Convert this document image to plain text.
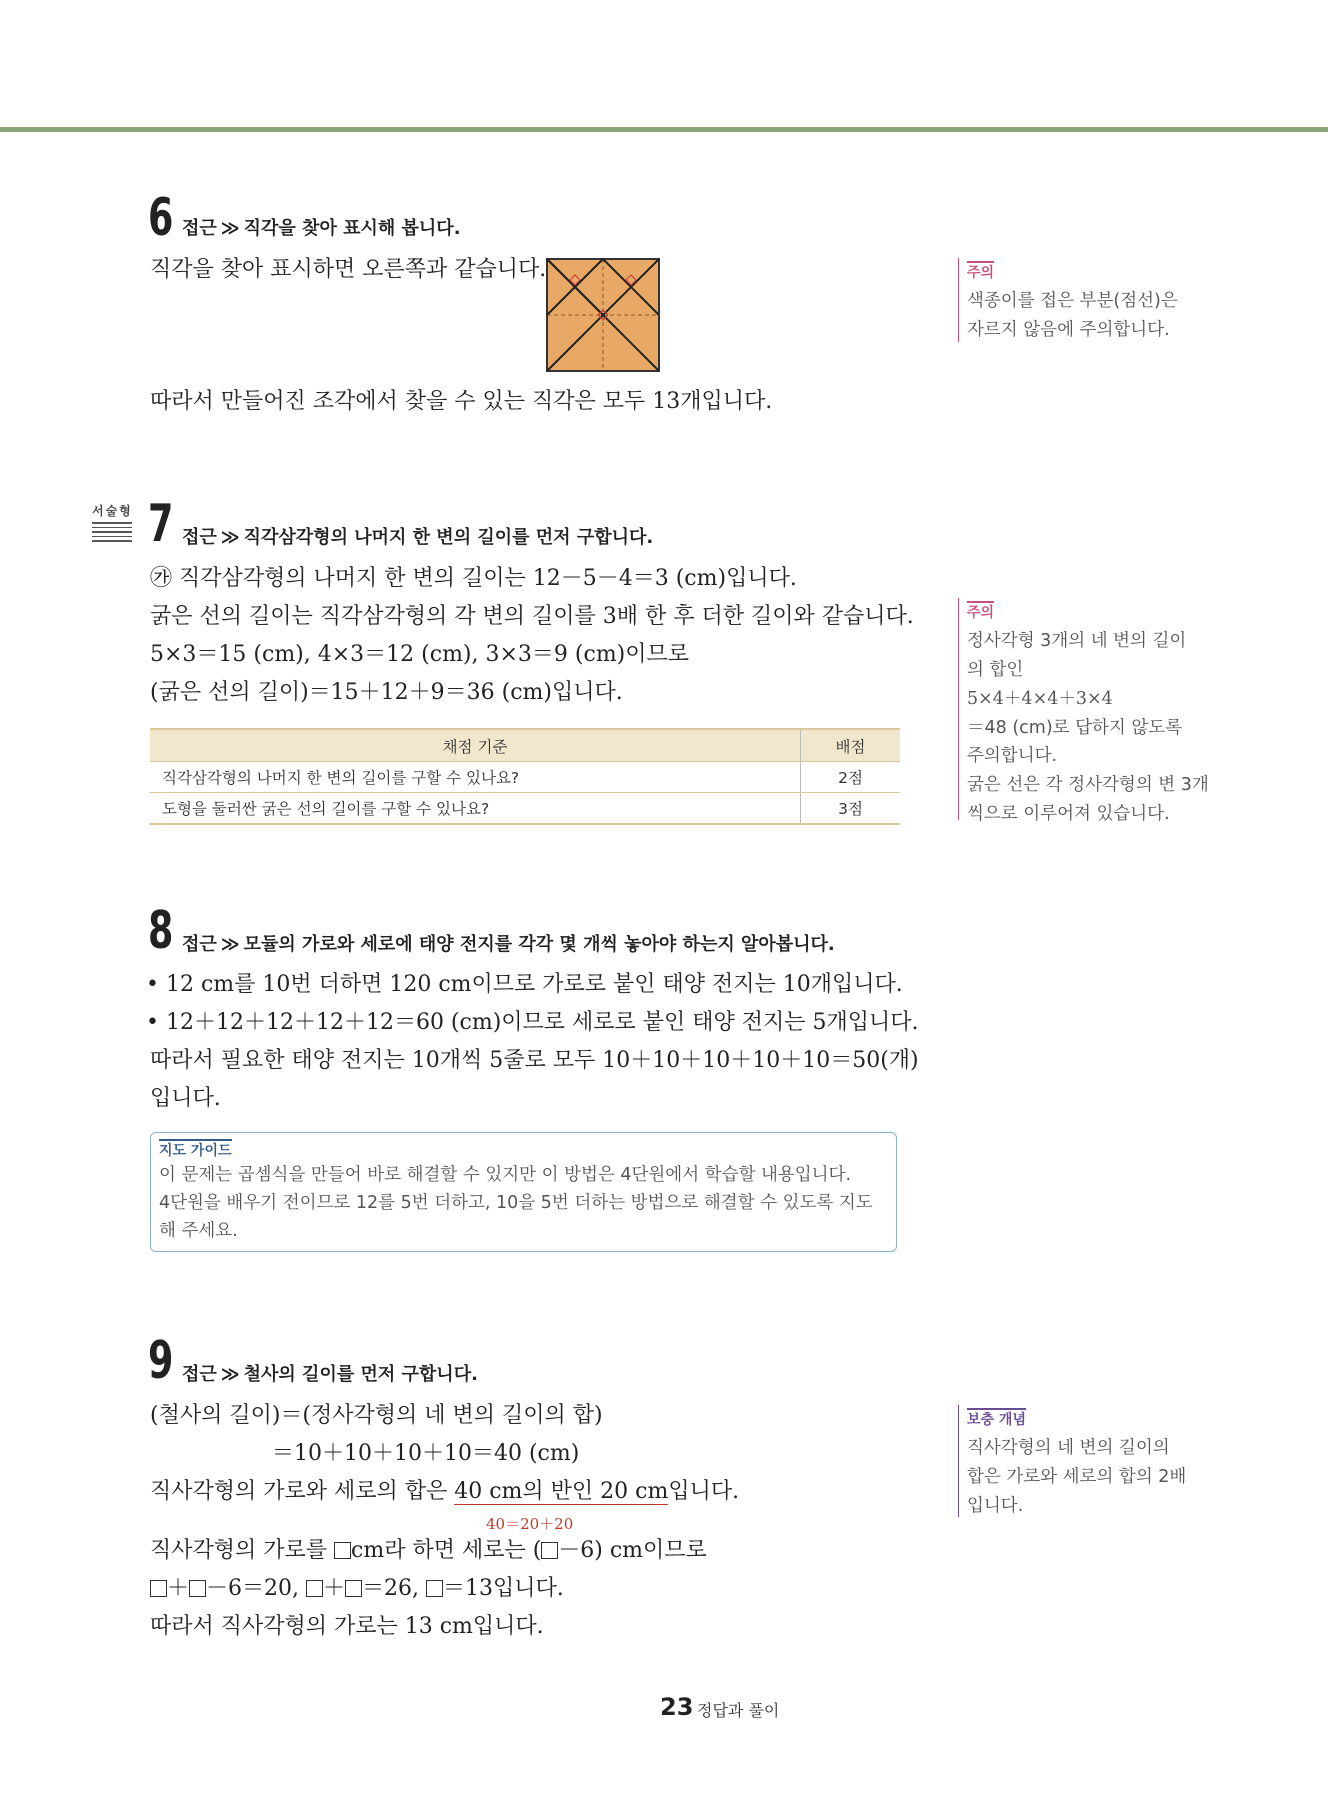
6 접근 ≫ 직각을 찾아 표시해 봅니다.
직각을 찾아 표시하면 오른쪽과 같습니다.
따라서 만들어진 조각에서 찾을 수 있는 직각은 모두 13개입니다.
주의
색종이를 접은 부분(점선)은
자르지 않음에 주의합니다.
서술형 7 접근 ≫ 직각삼각형의 나머지 한 변의 길이를 먼저 구합니다.
㉮ 직각삼각형의 나머지 한 변의 길이는 12－5－4＝3 (cm)입니다.
굵은 선의 길이는 직각삼각형의 각 변의 길이를 3배 한 후 더한 길이와 같습니다.
5×3＝15 (cm), 4×3＝12 (cm), 3×3＝9 (cm)이므로
(굵은 선의 길이)＝15＋12＋9＝36 (cm)입니다.
채점 기준	배점
직각삼각형의 나머지 한 변의 길이를 구할 수 있나요?	2점
도형을 둘러싼 굵은 선의 길이를 구할 수 있나요?	3점
주의
정사각형 3개의 네 변의 길이
의 합인
5×4＋4×4＋3×4
＝48 (cm)로 답하지 않도록
주의합니다.
굵은 선은 각 정사각형의 변 3개
씩으로 이루어져 있습니다.
8 접근 ≫ 모듈의 가로와 세로에 태양 전지를 각각 몇 개씩 놓아야 하는지 알아봅니다.
• 12 cm를 10번 더하면 120 cm이므로 가로로 붙인 태양 전지는 10개입니다.
• 12＋12＋12＋12＋12＝60 (cm)이므로 세로로 붙인 태양 전지는 5개입니다.
따라서 필요한 태양 전지는 10개씩 5줄로 모두 10＋10＋10＋10＋10＝50(개)
입니다.
지도 가이드
이 문제는 곱셈식을 만들어 바로 해결할 수 있지만 이 방법은 4단원에서 학습할 내용입니다.
4단원을 배우기 전이므로 12를 5번 더하고, 10을 5번 더하는 방법으로 해결할 수 있도록 지도
해 주세요.
9 접근 ≫ 철사의 길이를 먼저 구합니다.
(철사의 길이)＝(정사각형의 네 변의 길이의 합)
＝10＋10＋10＋10＝40 (cm)
직사각형의 가로와 세로의 합은 40 cm의 반인 20 cm입니다.
40＝20＋20
직사각형의 가로를 cm라 하면 세로는 ( －6) cm이므로
＋ －6＝20, ＋ ＝26, ＝13입니다.
따라서 직사각형의 가로는 13 cm입니다.
보충 개념
직사각형의 네 변의 길이의
합은 가로와 세로의 합의 2배
입니다.
23 정답과 풀이
